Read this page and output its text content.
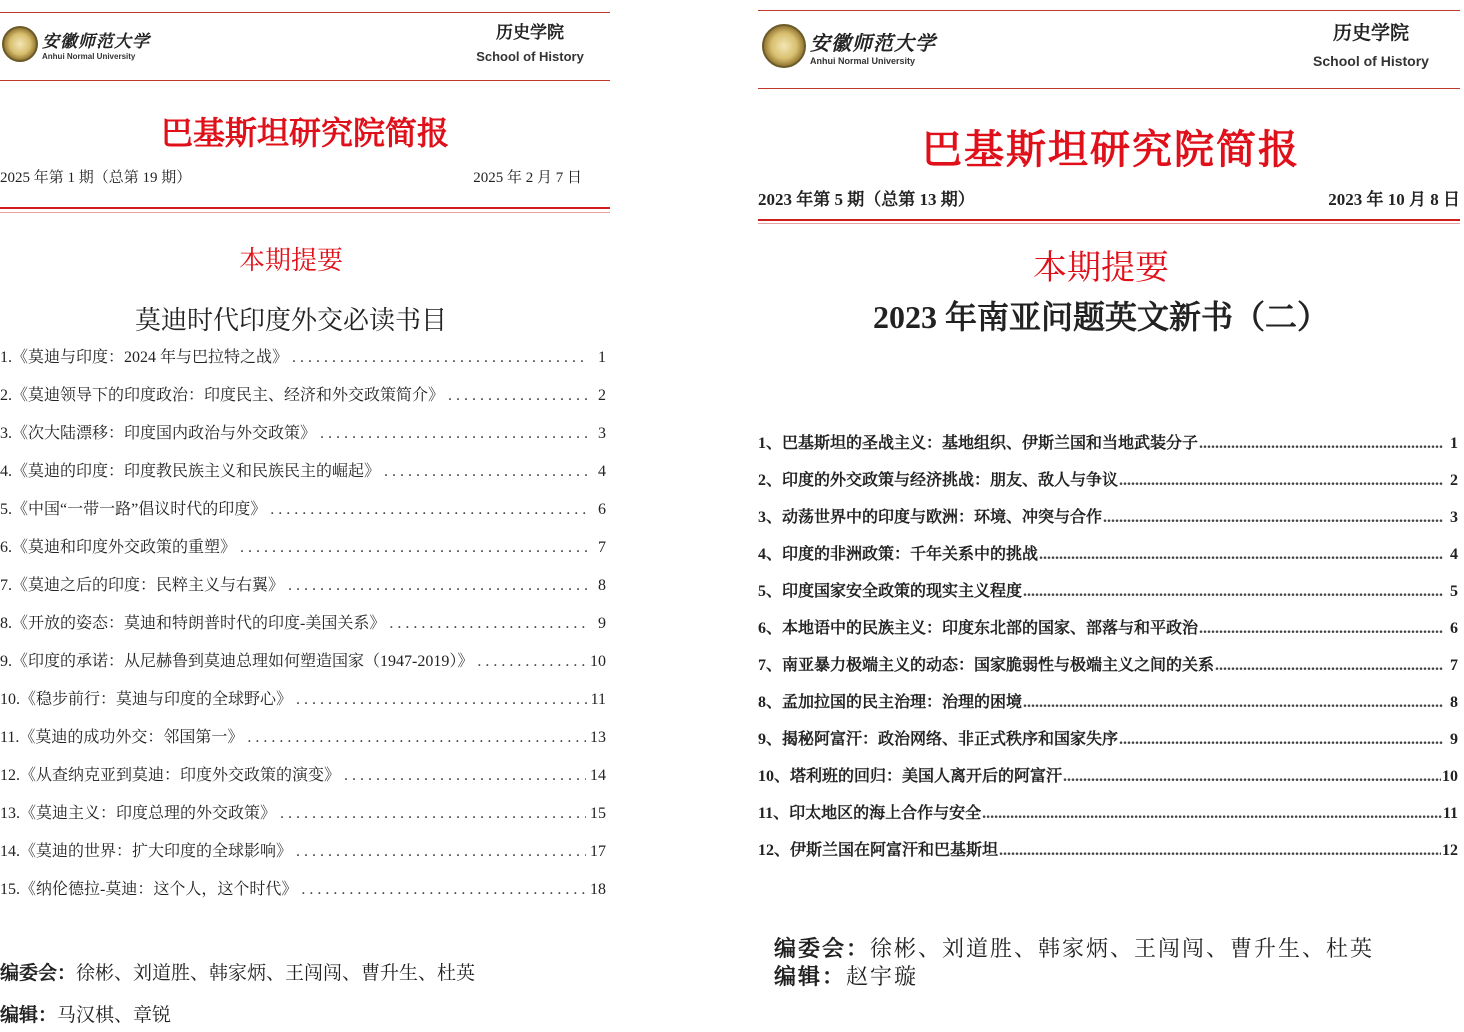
安徽师范大学
Anhui Normal University
历史学院
School of History
巴基斯坦研究院简报
2025 年第 1 期（总第 19 期）	2025 年 2 月 7 日
本期提要
莫迪时代印度外交必读书目
1.《莫迪与印度：2024 年与巴拉特之战》 . . .	1
2.《莫迪领导下的印度政治：印度民主、经济和外交政策简介》 . . .	2
3.《次大陆漂移：印度国内政治与外交政策》 . . .	3
4.《莫迪的印度：印度教民族主义和民族民主的崛起》 . . .	4
5.《中国“一带一路”倡议时代的印度》 . . .	6
6.《莫迪和印度外交政策的重塑》 . . .	7
7.《莫迪之后的印度：民粹主义与右翼》 . . .	8
8.《开放的姿态：莫迪和特朗普时代的印度-美国关系》 . . .	9
9.《印度的承诺：从尼赫鲁到莫迪总理如何塑造国家（1947-2019）》 . . .	10
10.《稳步前行：莫迪与印度的全球野心》 . . .	11
11.《莫迪的成功外交：邻国第一》 . . .	13
12.《从查纳克亚到莫迪：印度外交政策的演变》 . . .	14
13.《莫迪主义：印度总理的外交政策》 . . .	15
14.《莫迪的世界：扩大印度的全球影响》 . . .	17
15.《纳伦德拉-莫迪：这个人，这个时代》 . . .	18
编委会：徐彬、刘道胜、韩家炳、王闯闯、曹升生、杜英
编辑：马汉棋、章锐
安徽师范大学
Anhui Normal University
历史学院
School of History
巴基斯坦研究院简报
2023 年第 5 期（总第 13 期）	2023 年 10 月 8 日
本期提要
2023 年南亚问题英文新书（二）
1、巴基斯坦的圣战主义：基地组织、伊斯兰国和当地武装分子 .....	1
2、印度的外交政策与经济挑战：朋友、敌人与争议 .....	2
3、动荡世界中的印度与欧洲：环境、冲突与合作 .....	3
4、印度的非洲政策：千年关系中的挑战 .....	4
5、印度国家安全政策的现实主义程度 .....	5
6、本地语中的民族主义：印度东北部的国家、部落与和平政治 .....	6
7、南亚暴力极端主义的动态：国家脆弱性与极端主义之间的关系 .....	7
8、孟加拉国的民主治理：治理的困境 .....	8
9、揭秘阿富汗：政治网络、非正式秩序和国家失序 .....	9
10、塔利班的回归：美国人离开后的阿富汗 .....	10
11、印太地区的海上合作与安全 .....	11
12、伊斯兰国在阿富汗和巴基斯坦 .....	12
编委会：徐彬、刘道胜、韩家炳、王闯闯、曹升生、杜英
编辑：赵宇璇
